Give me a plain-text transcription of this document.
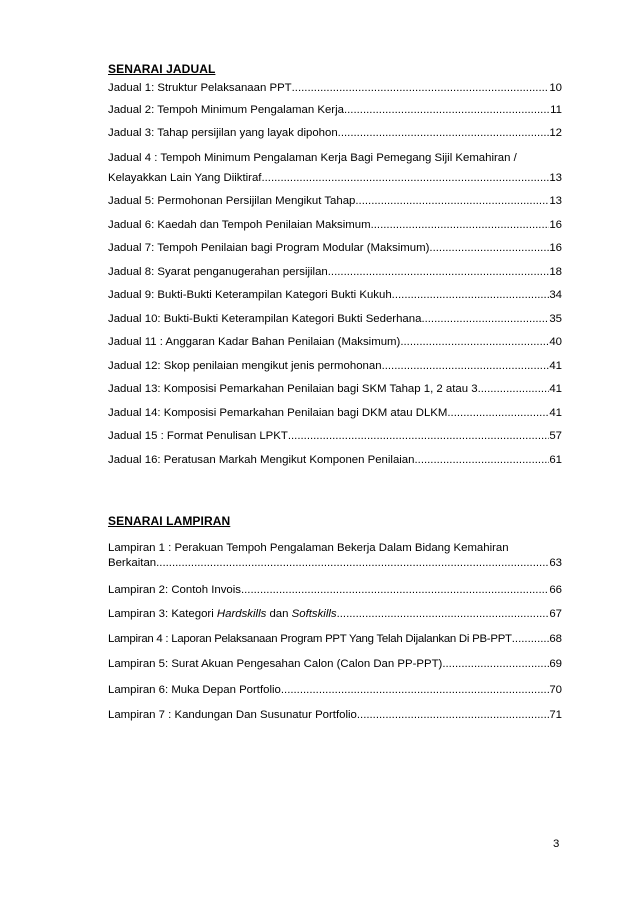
SENARAI JADUAL
Jadual 1: Struktur Pelaksanaan PPT .....	10
Jadual 2: Tempoh Minimum Pengalaman Kerja .....	11
Jadual 3: Tahap persijilan yang layak dipohon .....	12
Jadual 4 : Tempoh Minimum Pengalaman Kerja Bagi Pemegang Sijil Kemahiran /
Kelayakkan Lain Yang Diiktiraf .....	13
Jadual 5: Permohonan Persijilan Mengikut Tahap .....	13
Jadual 6: Kaedah dan Tempoh Penilaian Maksimum .....	16
Jadual 7: Tempoh Penilaian bagi Program Modular (Maksimum) .....	16
Jadual 8: Syarat penganugerahan persijilan .....	18
Jadual 9: Bukti-Bukti Keterampilan Kategori Bukti Kukuh .....	34
Jadual 10: Bukti-Bukti Keterampilan Kategori Bukti Sederhana .....	35
Jadual 11 : Anggaran Kadar Bahan Penilaian (Maksimum) .....	40
Jadual 12: Skop penilaian mengikut jenis permohonan .....	41
Jadual 13: Komposisi Pemarkahan Penilaian bagi SKM Tahap 1, 2 atau 3 .....	41
Jadual 14: Komposisi Pemarkahan Penilaian bagi DKM atau DLKM .....	41
Jadual 15 : Format Penulisan LPKT .....	57
Jadual 16: Peratusan Markah Mengikut Komponen Penilaian .....	61
SENARAI LAMPIRAN
Lampiran 1 : Perakuan Tempoh Pengalaman Bekerja Dalam Bidang Kemahiran
Berkaitan .....	63
Lampiran 2: Contoh Invois .....	66
Lampiran 3: Kategori Hardskills dan Softskills .....	67
Lampiran 4 : Laporan Pelaksanaan Program PPT Yang Telah Dijalankan Di PB-PPT .....	68
Lampiran 5: Surat Akuan Pengesahan Calon (Calon Dan PP-PPT) .....	69
Lampiran 6: Muka Depan Portfolio .....	70
Lampiran 7 : Kandungan Dan Susunatur Portfolio .....	71
3
